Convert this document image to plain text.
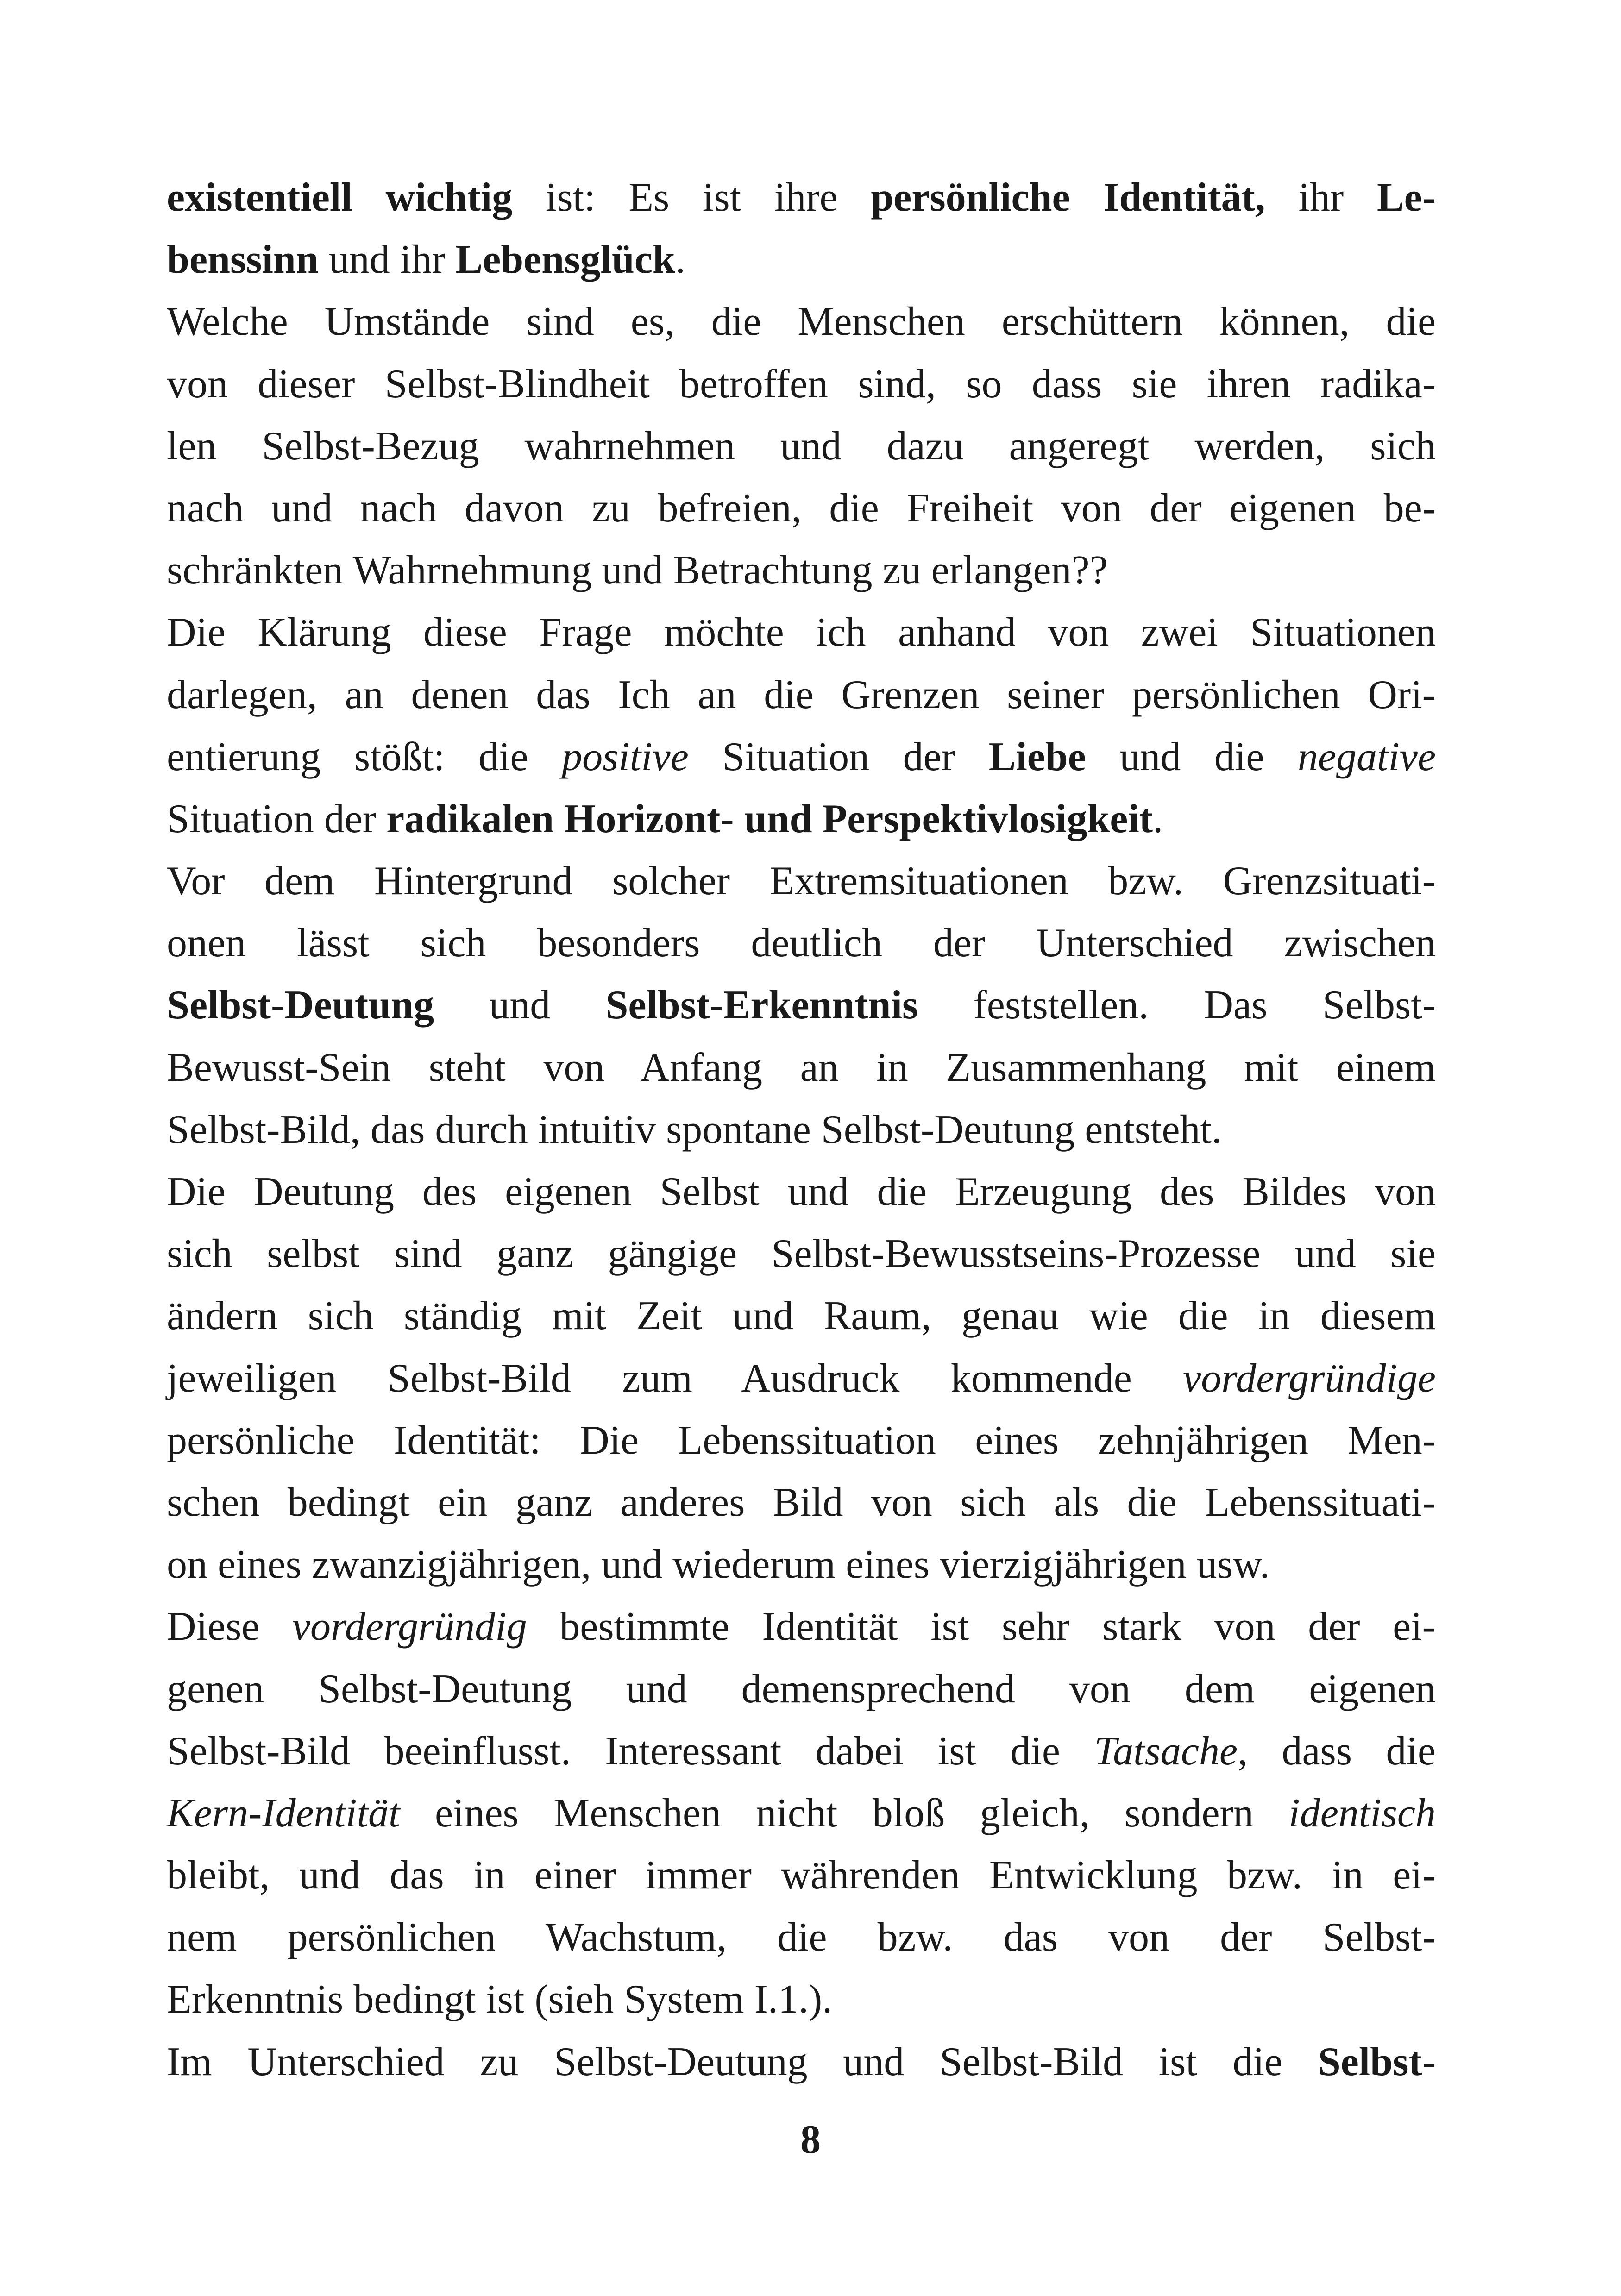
existentiell wichtig ist: Es ist ihre persönliche Identität, ihr Le-
benssinn und ihr Lebensglück.
Welche Umstände sind es, die Menschen erschüttern können, die
von dieser Selbst-Blindheit betroffen sind, so dass sie ihren radika-
len Selbst-Bezug wahrnehmen und dazu angeregt werden, sich
nach und nach davon zu befreien, die Freiheit von der eigenen be-
schränkten Wahrnehmung und Betrachtung zu erlangen??
Die Klärung diese Frage möchte ich anhand von zwei Situationen
darlegen, an denen das Ich an die Grenzen seiner persönlichen Ori-
entierung stößt: die positive Situation der Liebe und die negative
Situation der radikalen Horizont- und Perspektivlosigkeit.
Vor dem Hintergrund solcher Extremsituationen bzw. Grenzsituati-
onen lässt sich besonders deutlich der Unterschied zwischen
Selbst-Deutung und Selbst-Erkenntnis feststellen. Das Selbst-
Bewusst-Sein steht von Anfang an in Zusammenhang mit einem
Selbst-Bild, das durch intuitiv spontane Selbst-Deutung entsteht.
Die Deutung des eigenen Selbst und die Erzeugung des Bildes von
sich selbst sind ganz gängige Selbst-Bewusstseins-Prozesse und sie
ändern sich ständig mit Zeit und Raum, genau wie die in diesem
jeweiligen Selbst-Bild zum Ausdruck kommende vordergründige
persönliche Identität: Die Lebenssituation eines zehnjährigen Men-
schen bedingt ein ganz anderes Bild von sich als die Lebenssituati-
on eines zwanzigjährigen, und wiederum eines vierzigjährigen usw.
Diese vordergründig bestimmte Identität ist sehr stark von der ei-
genen Selbst-Deutung und demensprechend von dem eigenen
Selbst-Bild beeinflusst. Interessant dabei ist die Tatsache, dass die
Kern-Identität eines Menschen nicht bloß gleich, sondern identisch
bleibt, und das in einer immer währenden Entwicklung bzw. in ei-
nem persönlichen Wachstum, die bzw. das von der Selbst-
Erkenntnis bedingt ist (sieh System I.1.).
Im Unterschied zu Selbst-Deutung und Selbst-Bild ist die Selbst-
8
